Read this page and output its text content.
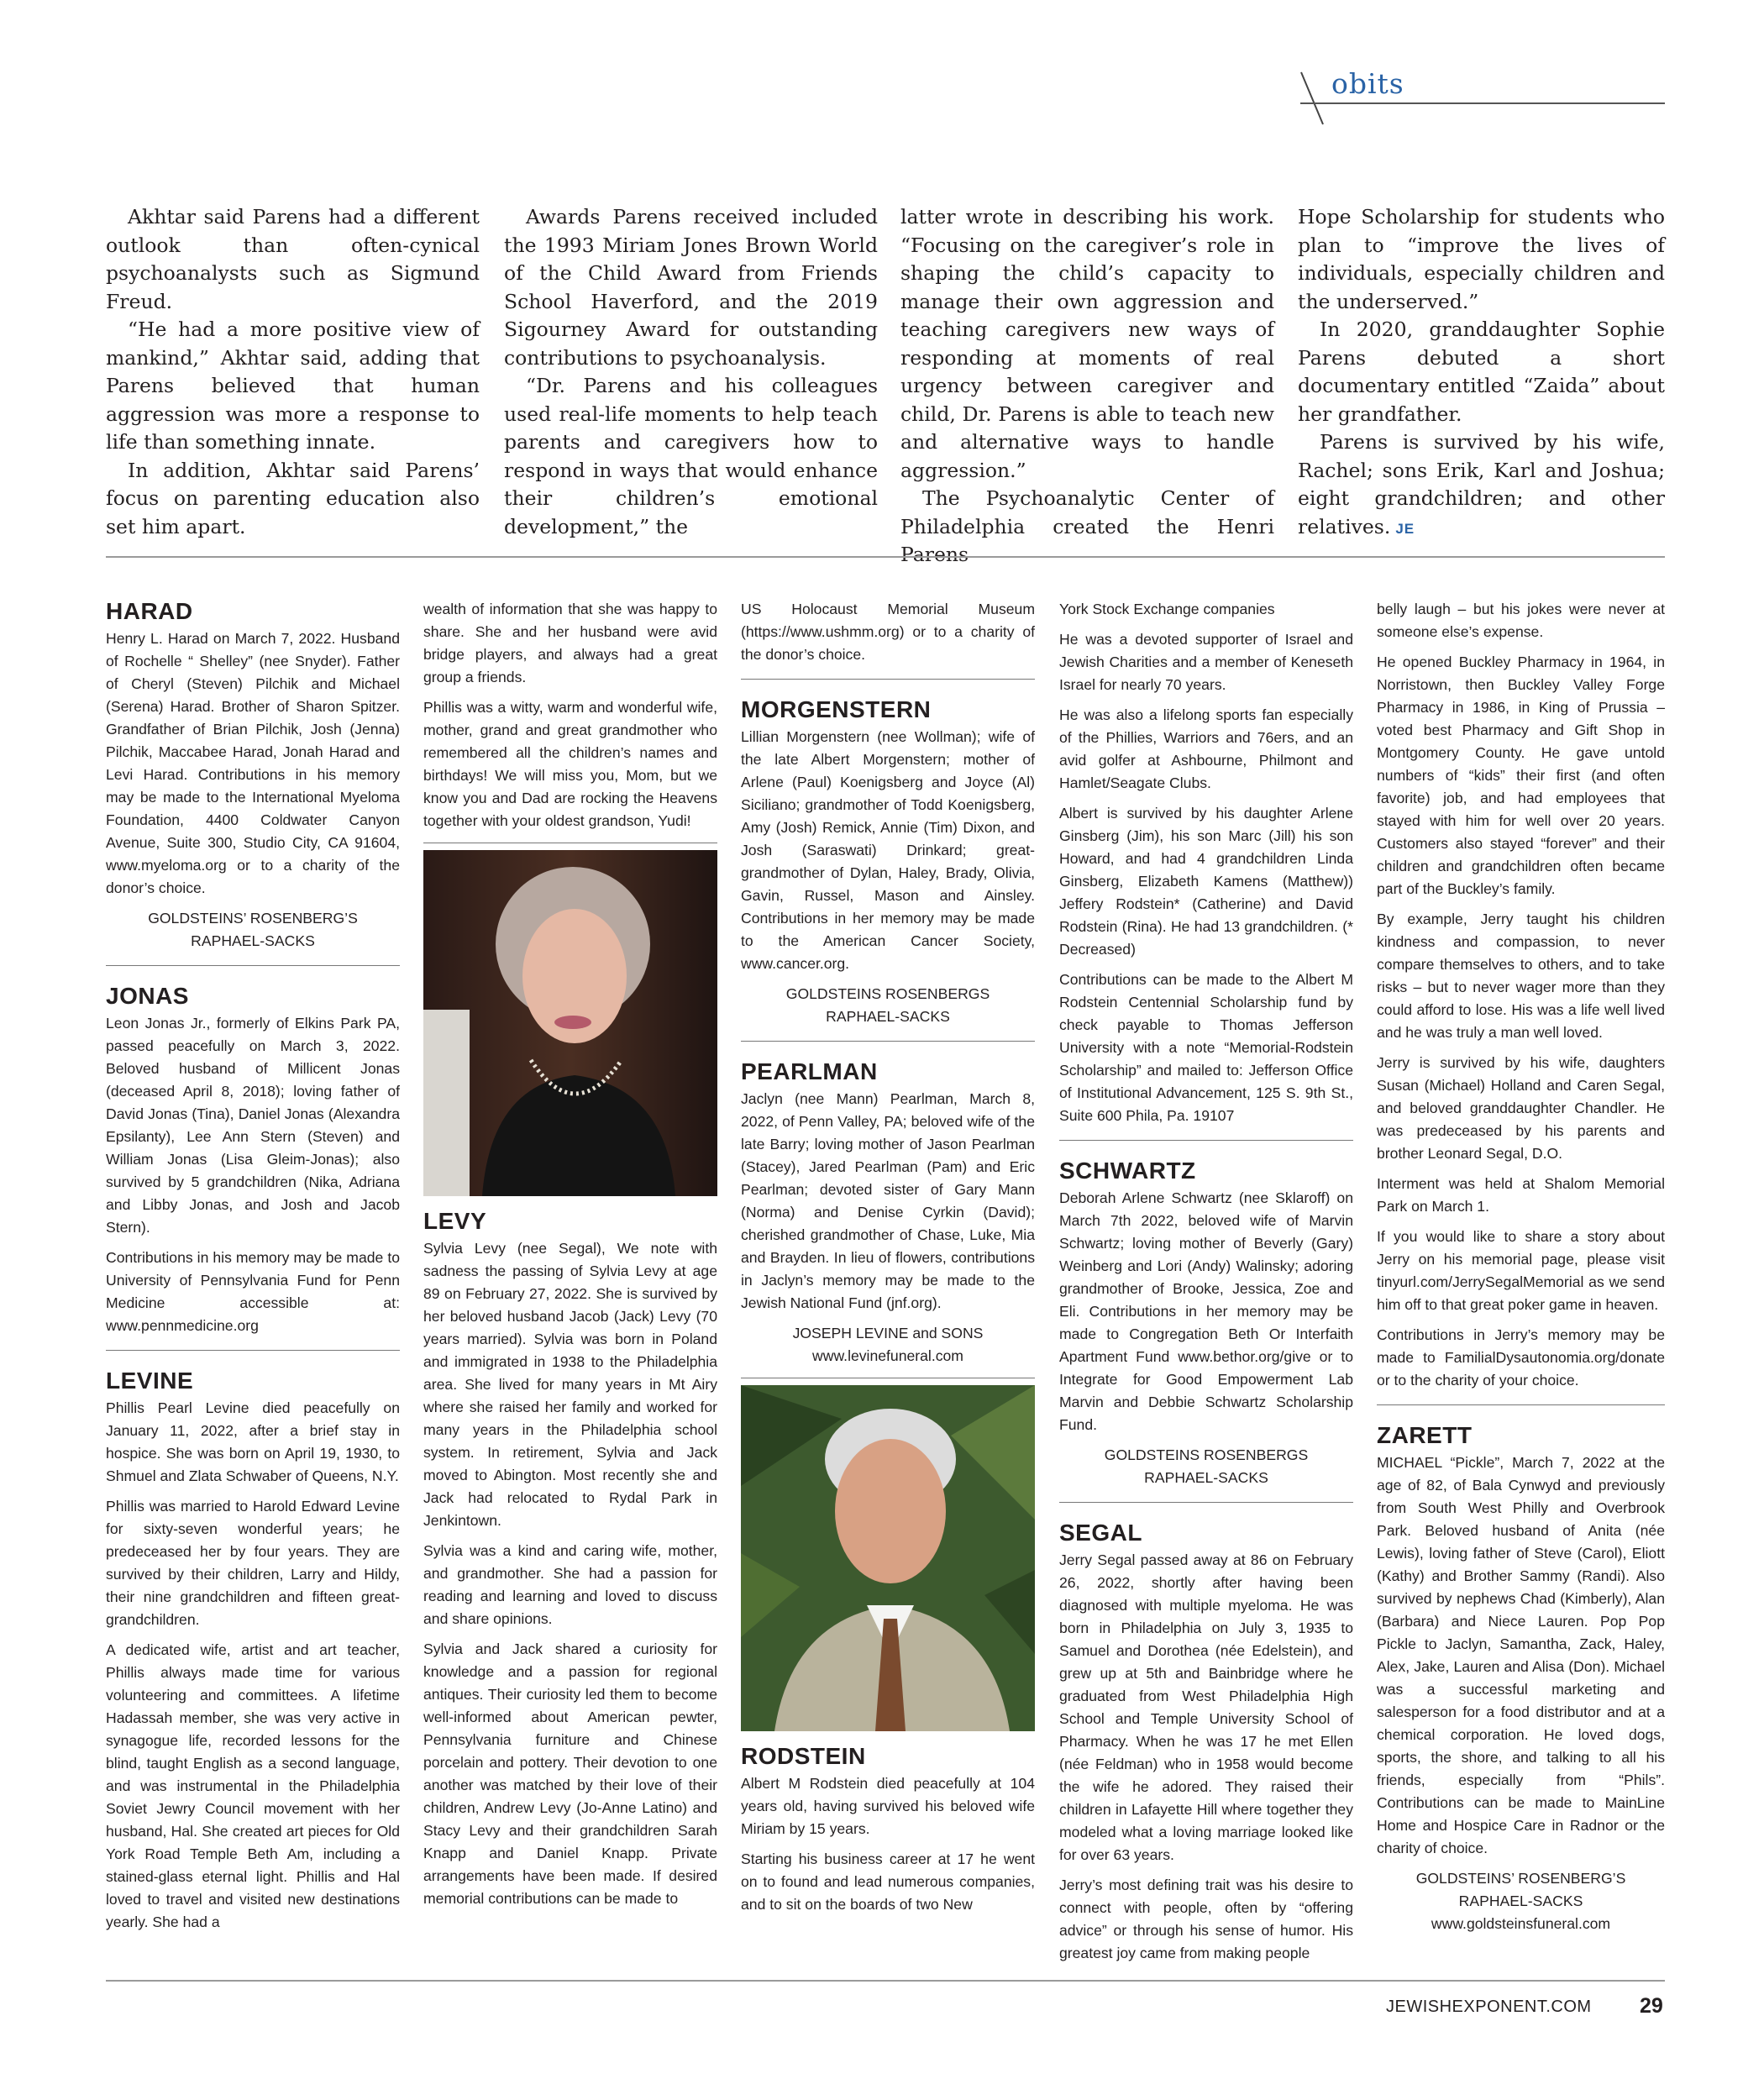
obits

Akhtar said Parens had a different outlook than often-cynical psychoanalysts such as Sigmund Freud.

“He had a more positive view of mankind,” Akhtar said, adding that Parens believed that human aggression was more a response to life than something innate.

In addition, Akhtar said Parens’ focus on parenting education also set him apart.

Awards Parens received included the 1993 Miriam Jones Brown World of the Child Award from Friends School Haverford, and the 2019 Sigourney Award for outstanding contributions to psychoanalysis.

“Dr. Parens and his colleagues used real-life moments to help teach parents and caregivers how to respond in ways that would enhance their children’s emotional development,” the

latter wrote in describing his work. “Focusing on the caregiver’s role in shaping the child’s capacity to manage their own aggression and teaching caregivers new ways of responding at moments of real urgency between caregiver and child, Dr. Parens is able to teach new and alternative ways to handle aggression.”

The Psychoanalytic Center of Philadelphia created the Henri Parens

Hope Scholarship for students who plan to “improve the lives of individuals, especially children and the underserved.”

In 2020, granddaughter Sophie Parens debuted a short documentary entitled “Zaida” about her grandfather.

Parens is survived by his wife, Rachel; sons Erik, Karl and Joshua; eight grandchildren; and other relatives. JE

HARAD

Henry L. Harad on March 7, 2022. Husband of Rochelle “ Shelley” (nee Snyder). Father of Cheryl (Steven) Pilchik and Michael (Serena) Harad. Brother of Sharon Spitzer. Grandfather of Brian Pilchik, Josh (Jenna) Pilchik, Maccabee Harad, Jonah Harad and Levi Harad. Contributions in his memory may be made to the International Myeloma Foundation, 4400 Coldwater Canyon Avenue, Suite 300, Studio City, CA 91604, www.myeloma.org or to a charity of the donor’s choice.

GOLDSTEINS’ ROSENBERG’S
RAPHAEL-SACKS
JONAS

Leon Jonas Jr., formerly of Elkins Park PA, passed peacefully on March 3, 2022. Beloved husband of Millicent Jonas (deceased April 8, 2018); loving father of David Jonas (Tina), Daniel Jonas (Alexandra Epsilanty), Lee Ann Stern (Steven) and William Jonas (Lisa Gleim-Jonas); also survived by 5 grandchildren (Nika, Adriana and Libby Jonas, and Josh and Jacob Stern).

Contributions in his memory may be made to University of Pennsylvania Fund for Penn Medicine accessible at: www.pennmedicine.org

LEVINE

Phillis Pearl Levine died peacefully on January 11, 2022, after a brief stay in hospice. She was born on April 19, 1930, to Shmuel and Zlata Schwaber of Queens, N.Y.

Phillis was married to Harold Edward Levine for sixty-seven wonderful years; he predeceased her by four years. They are survived by their children, Larry and Hildy, their nine grandchildren and fifteen great-grandchildren.

A dedicated wife, artist and art teacher, Phillis always made time for various volunteering and committees. A lifetime Hadassah member, she was very active in synagogue life, recorded lessons for the blind, taught English as a second language, and was instrumental in the Philadelphia Soviet Jewry Council movement with her husband, Hal. She created art pieces for Old York Road Temple Beth Am, including a stained-glass eternal light. Phillis and Hal loved to travel and visited new destinations yearly. She had a

wealth of information that she was happy to share. She and her husband were avid bridge players, and always had a great group a friends.

Phillis was a witty, warm and wonderful wife, mother, grand and great grandmother who remembered all the children’s names and birthdays! We will miss you, Mom, but we know you and Dad are rocking the Heavens together with your oldest grandson, Yudi!

LEVY

Sylvia Levy (nee Segal), We note with sadness the passing of Sylvia Levy at age 89 on February 27, 2022. She is survived by her beloved husband Jacob (Jack) Levy (70 years married). Sylvia was born in Poland and immigrated in 1938 to the Philadelphia area. She lived for many years in Mt Airy where she raised her family and worked for many years in the Philadelphia school system. In retirement, Sylvia and Jack moved to Abington. Most recently she and Jack had relocated to Rydal Park in Jenkintown.

Sylvia was a kind and caring wife, mother, and grandmother. She had a passion for reading and learning and loved to discuss and share opinions.

Sylvia and Jack shared a curiosity for knowledge and a passion for regional antiques. Their curiosity led them to become well-informed about American pewter, Pennsylvania furniture and Chinese porcelain and pottery. Their devotion to one another was matched by their love of their children, Andrew Levy (Jo-Anne Latino) and Stacy Levy and their grandchildren Sarah Knapp and Daniel Knapp. Private arrangements have been made. If desired memorial contributions can be made to

US Holocaust Memorial Museum (https://www.ushmm.org) or to a charity of the donor’s choice.

MORGENSTERN

Lillian Morgenstern (nee Wollman); wife of the late Albert Morgenstern; mother of Arlene (Paul) Koenigsberg and Joyce (Al) Siciliano; grandmother of Todd Koenigsberg, Amy (Josh) Remick, Annie (Tim) Dixon, and Josh (Saraswati) Drinkard; great-grandmother of Dylan, Haley, Brady, Olivia, Gavin, Russel, Mason and Ainsley. Contributions in her memory may be made to the American Cancer Society, www.cancer.org.

GOLDSTEINS ROSENBERGS
RAPHAEL-SACKS
PEARLMAN

Jaclyn (nee Mann) Pearlman, March 8, 2022, of Penn Valley, PA; beloved wife of the late Barry; loving mother of Jason Pearlman (Stacey), Jared Pearlman (Pam) and Eric Pearlman; devoted sister of Gary Mann (Norma) and Denise Cyrkin (David); cherished grandmother of Chase, Luke, Mia and Brayden. In lieu of flowers, contributions in Jaclyn’s memory may be made to the Jewish National Fund (jnf.org).

JOSEPH LEVINE and SONS
www.levinefuneral.com
RODSTEIN

Albert M Rodstein died peacefully at 104 years old, having survived his beloved wife Miriam by 15 years.

Starting his business career at 17 he went on to found and lead numerous companies, and to sit on the boards of two New

York Stock Exchange companies

He was a devoted supporter of Israel and Jewish Charities and a member of Keneseth Israel for nearly 70 years.

He was also a lifelong sports fan especially of the Phillies, Warriors and 76ers, and an avid golfer at Ashbourne, Philmont and Hamlet/Seagate Clubs.

Albert is survived by his daughter Arlene Ginsberg (Jim), his son Marc (Jill) his son Howard, and had 4 grandchildren Linda Ginsberg, Elizabeth Kamens (Matthew)) Jeffery Rodstein* (Catherine) and David Rodstein (Rina). He had 13 grandchildren. (* Decreased)

Contributions can be made to the Albert M Rodstein Centennial Scholarship fund by check payable to Thomas Jefferson University with a note “Memorial-Rodstein Scholarship” and mailed to: Jefferson Office of Institutional Advancement, 125 S. 9th St., Suite 600 Phila, Pa. 19107

SCHWARTZ

Deborah Arlene Schwartz (nee Sklaroff) on March 7th 2022, beloved wife of Marvin Schwartz; loving mother of Beverly (Gary) Weinberg and Lori (Andy) Walinsky; adoring grandmother of Brooke, Jessica, Zoe and Eli. Contributions in her memory may be made to Congregation Beth Or Interfaith Apartment Fund www.bethor.org/give or to Integrate for Good Empowerment Lab Marvin and Debbie Schwartz Scholarship Fund.

GOLDSTEINS ROSENBERGS
RAPHAEL-SACKS
SEGAL

Jerry Segal passed away at 86 on February 26, 2022, shortly after having been diagnosed with multiple myeloma. He was born in Philadelphia on July 3, 1935 to Samuel and Dorothea (née Edelstein), and grew up at 5th and Bainbridge where he graduated from West Philadelphia High School and Temple University School of Pharmacy. When he was 17 he met Ellen (née Feldman) who in 1958 would become the wife he adored. They raised their children in Lafayette Hill where together they modeled what a loving marriage looked like for over 63 years.

Jerry’s most defining trait was his desire to connect with people, often by “offering advice” or through his sense of humor. His greatest joy came from making people

belly laugh – but his jokes were never at someone else’s expense.

He opened Buckley Pharmacy in 1964, in Norristown, then Buckley Valley Forge Pharmacy in 1986, in King of Prussia – voted best Pharmacy and Gift Shop in Montgomery County. He gave untold numbers of “kids” their first (and often favorite) job, and had employees that stayed with him for well over 20 years. Customers also stayed “forever” and their children and grandchildren often became part of the Buckley’s family.

By example, Jerry taught his children kindness and compassion, to never compare themselves to others, and to take risks – but to never wager more than they could afford to lose. His was a life well lived and he was truly a man well loved.

Jerry is survived by his wife, daughters Susan (Michael) Holland and Caren Segal, and beloved granddaughter Chandler. He was predeceased by his parents and brother Leonard Segal, D.O.

Interment was held at Shalom Memorial Park on March 1.

If you would like to share a story about Jerry on his memorial page, please visit tinyurl.com/JerrySegalMemorial as we send him off to that great poker game in heaven.

Contributions in Jerry’s memory may be made to FamilialDysautonomia.org/donate or to the charity of your choice.

ZARETT

MICHAEL “Pickle”, March 7, 2022 at the age of 82, of Bala Cynwyd and previously from South West Philly and Overbrook Park. Beloved husband of Anita (née Lewis), loving father of Steve (Carol), Eliott (Kathy) and Brother Sammy (Randi). Also survived by nephews Chad (Kimberly), Alan (Barbara) and Niece Lauren. Pop Pop Pickle to Jaclyn, Samantha, Zack, Haley, Alex, Jake, Lauren and Alisa (Don). Michael was a successful marketing and salesperson for a food distributor and at a chemical corporation. He loved dogs, sports, the shore, and talking to all his friends, especially from “Phils”. Contributions can be made to MainLine Home and Hospice Care in Radnor or the charity of choice.

GOLDSTEINS’ ROSENBERG’S
RAPHAEL-SACKS
www.goldsteinsfuneral.com
JEWISHEXPONENT.COM 29
